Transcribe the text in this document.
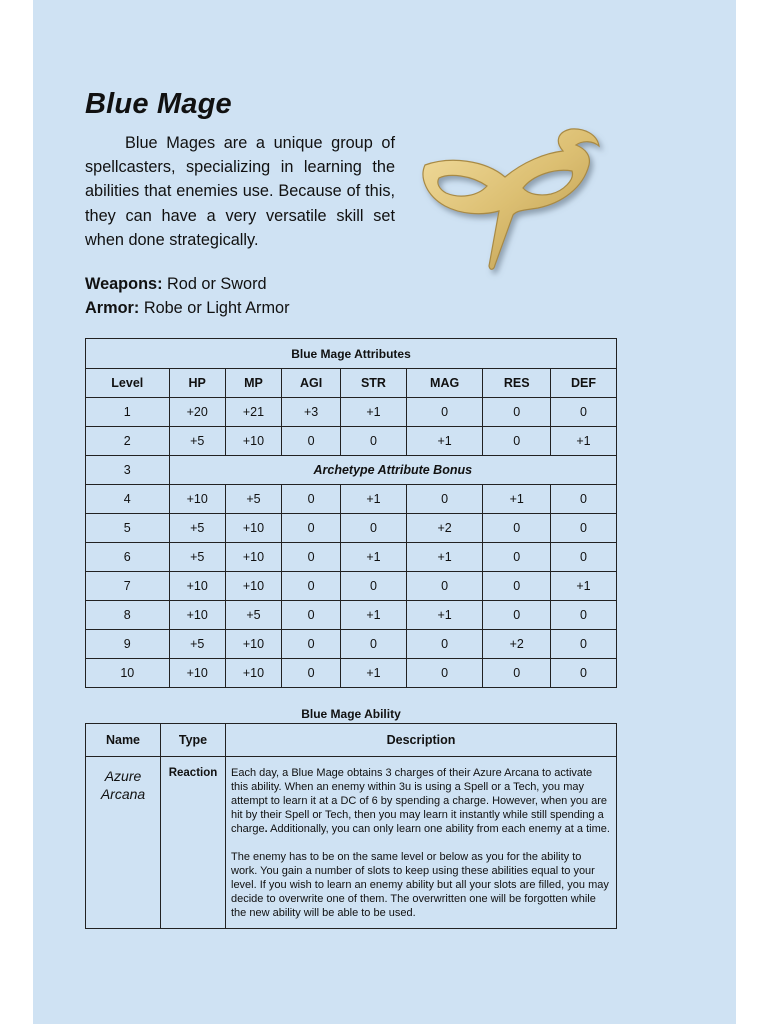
Blue Mage

Blue Mages are a unique group of spellcasters, specializing in learning the abilities that enemies use. Because of this, they can have a very versatile skill set when done strategically.

Weapons: Rod or Sword

Armor: Robe or Light Armor

Blue Mage Attributes							
Level	HP	MP	AGI	STR	MAG	RES	DEF
1	+20	+21	+3	+1	0	0	0
2	+5	+10	0	0	+1	0	+1
3	Archetype Attribute Bonus						
4	+10	+5	0	+1	0	+1	0
5	+5	+10	0	0	+2	0	0
6	+5	+10	0	+1	+1	0	0
7	+10	+10	0	0	0	0	+1
8	+10	+5	0	+1	+1	0	0
9	+5	+10	0	0	0	+2	0
10	+10	+10	0	+1	0	0	0

Blue Mage Ability

Name	Type	Description
Azure Arcana	Reaction	Each day, a Blue Mage obtains 3 charges of their Azure Arcana to activate this ability. When an enemy within 3u is using a Spell or a Tech, you may attempt to learn it at a DC of 6 by spending a charge. However, when you are hit by their Spell or Tech, then you may learn it instantly while still spending a charge. Additionally, you can only learn one ability from each enemy at a time.

The enemy has to be on the same level or below as you for the ability to work. You gain a number of slots to keep using these abilities equal to your level. If you wish to learn an enemy ability but all your slots are filled, you may decide to overwrite one of them. The overwritten one will be forgotten while the new ability will be able to be used.
